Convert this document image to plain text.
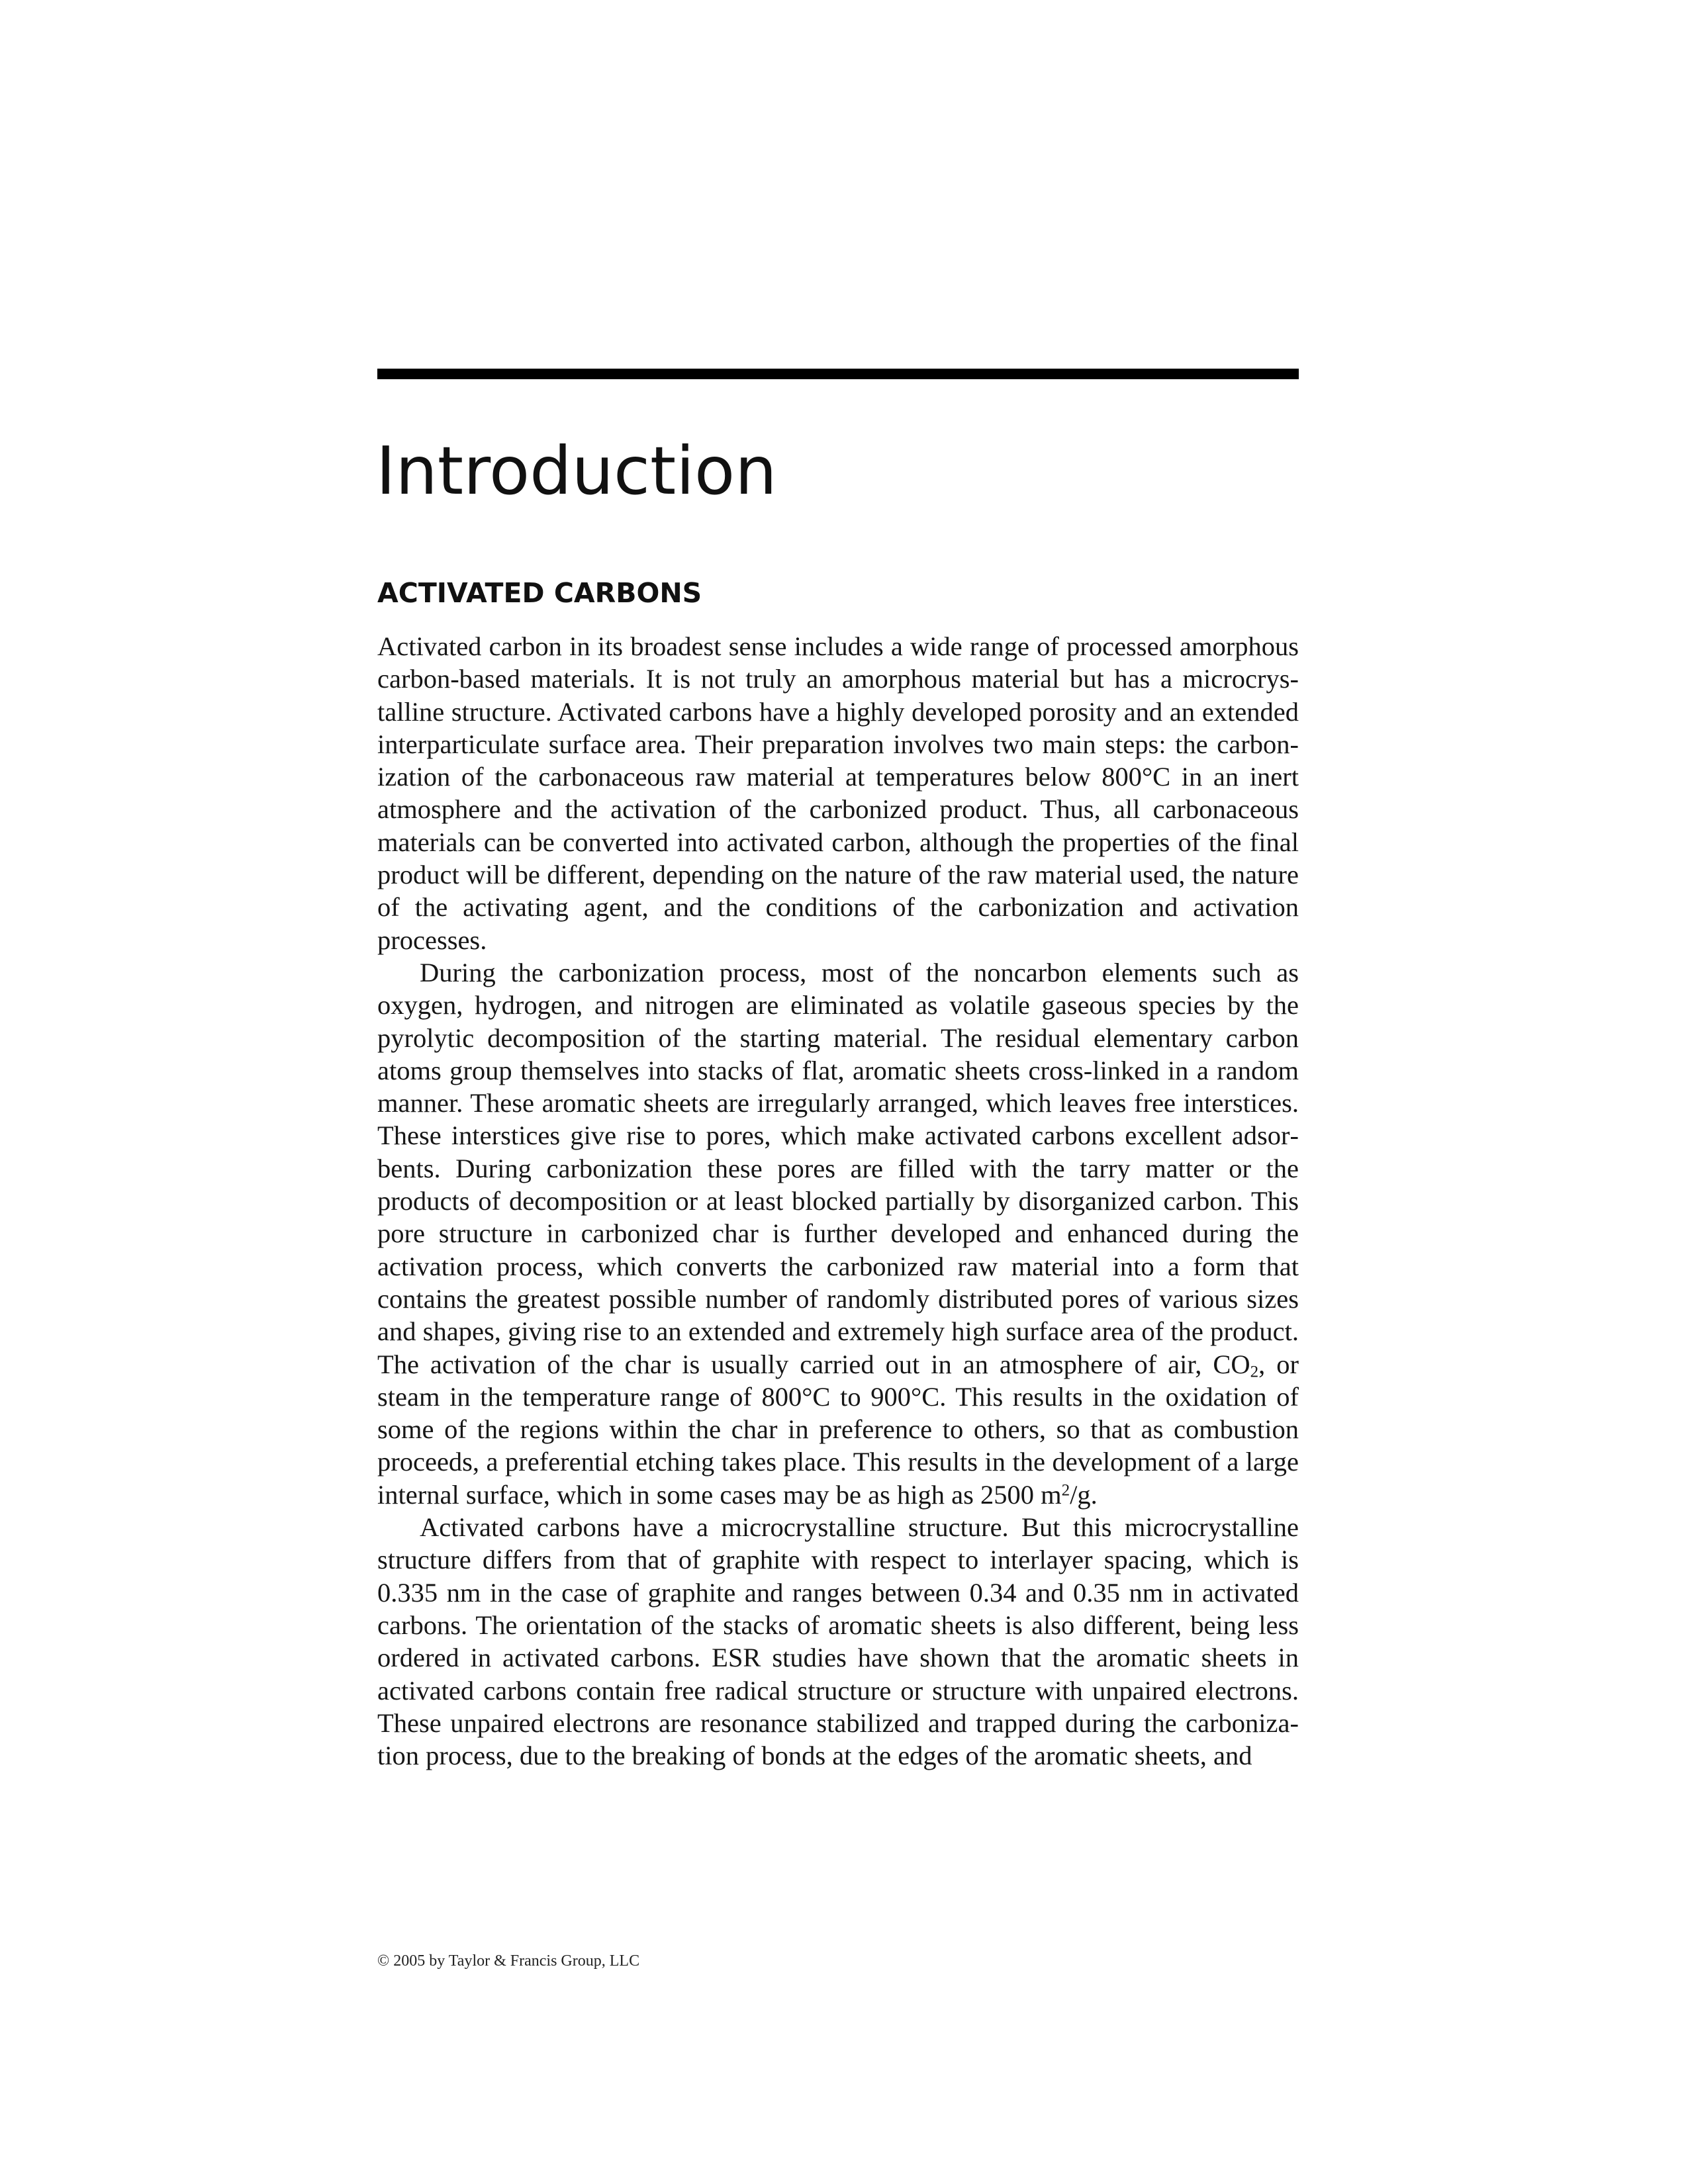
Introduction
ACTIVATED CARBONS

Activated carbon in its broadest sense includes a wide range of processed amorphous carbon-based materials. It is not truly an amorphous material but has a microcrystalline structure. Activated carbons have a highly developed porosity and an extended interparticulate surface area. Their preparation involves two main steps: the carbonization of the carbonaceous raw material at temperatures below 800°C in an inert atmosphere and the activation of the carbonized product. Thus, all carbonaceous materials can be converted into activated carbon, although the properties of the final product will be different, depending on the nature of the raw material used, the nature of the activating agent, and the conditions of the carbonization and activation processes.

During the carbonization process, most of the noncarbon elements such as oxygen, hydrogen, and nitrogen are eliminated as volatile gaseous species by the pyrolytic decomposition of the starting material. The residual elementary carbon atoms group themselves into stacks of flat, aromatic sheets cross-linked in a random manner. These aromatic sheets are irregularly arranged, which leaves free interstices. These interstices give rise to pores, which make activated carbons excellent adsorbents. During carbonization these pores are filled with the tarry matter or the products of decomposition or at least blocked partially by disorganized carbon. This pore structure in carbonized char is further developed and enhanced during the activation process, which converts the carbonized raw material into a form that contains the greatest possible number of randomly distributed pores of various sizes and shapes, giving rise to an extended and extremely high surface area of the product. The activation of the char is usually carried out in an atmosphere of air, $CO_2$, or steam in the temperature range of 800°C to 900°C. This results in the oxidation of some of the regions within the char in preference to others, so that as combustion proceeds, a preferential etching takes place. This results in the development of a large internal surface, which in some cases may be as high as 2500 $m^2/g$.

Activated carbons have a microcrystalline structure. But this microcrystalline structure differs from that of graphite with respect to interlayer spacing, which is 0.335 nm in the case of graphite and ranges between 0.34 and 0.35 nm in activated carbons. The orientation of the stacks of aromatic sheets is also different, being less ordered in activated carbons. ESR studies have shown that the aromatic sheets in activated carbons contain free radical structure or structure with unpaired electrons. These unpaired electrons are resonance stabilized and trapped during the carbonization process, due to the breaking of bonds at the edges of the aromatic sheets, and

© 2005 by Taylor & Francis Group, LLC
